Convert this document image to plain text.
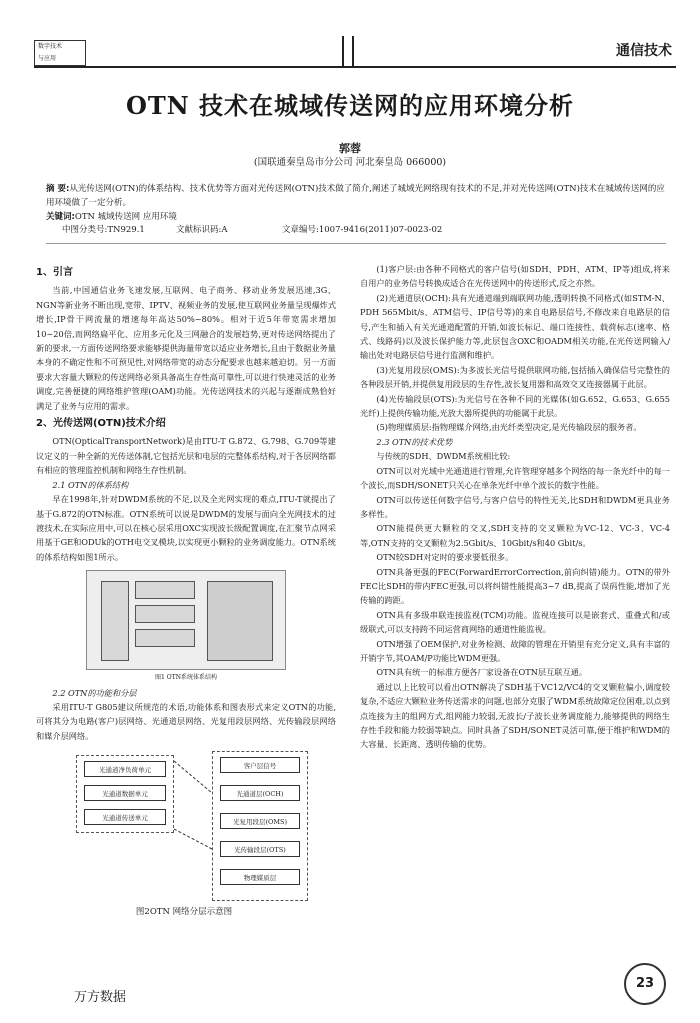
数字技术
与应用	通信技术
OTN 技术在城域传送网的应用环境分析
郭蓉
(国联通秦皇岛市分公司 河北秦皇岛 066000)
摘 要:从光传送网(OTN)的体系结构、技术优势等方面对光传送网(OTN)技术做了简介,阐述了城域光网络现有技术的不足,并对光传送网(OTN)技术在城域传送网的应用环境做了一定分析。
关键词:OTN 城域传送网 应用环境
中图分类号:TN929.1	文献标识码:A	文章编号:1007-9416(2011)07-0023-02
1、引言

当前,中国通信业务飞速发展,互联网、电子商务、移动业务发展迅速,3G、NGN等新业务不断出现,宽带、IPTV、视频业务的发展,使互联网业务量呈现爆炸式增长,IP骨干网流量的增速每年高达50%~80%。相对于近5年带宽需求增加10~20倍,而网络扁平化、应用多元化及三网融合的发展趋势,更对传送网络提出了新的要求,一方面传送网络要求能够提供海量带宽以适应业务增长,且由于数据业务量本身的不确定性和不可预见性,对网络带宽的动态分配要求也越来越迫切。另一方面要求大容量大颗粒的传送网络必须具备高生存性高可靠性,可以进行快速灵活的业务调度,完善便捷的网络维护管理(OAM)功能。光传送网技术的兴起与逐渐成熟恰好满足了业务与应用的需求。

2、光传送网(OTN)技术介绍

OTN(OpticalTransportNetwork)是由ITU-T G.872、G.798、G.709等建议定义的一种全新的光传送体制,它包括光层和电层的完整体系结构,对于各层网络都有相应的管理监控机制和网络生存性机制。

2.1 OTN的体系结构

早在1998年,针对DWDM系统的不足,以及全光网实现的难点,ITU-T就提出了基于G.872的OTN标准。OTN系统可以说是DWDM的发展与面向全光网技术的过渡技术,在实际应用中,可以在核心层采用OXC实现波长级配置调度,在汇聚节点网采用基于GE和ODUk的OTH电交叉模块,以实现更小颗粒的业务调度能力。OTN系统的体系结构如图1所示。

图1 OTN系统体系结构

2.2 OTN的功能和分层

采用ITU-T G805建议所规范的术语,功能体系和图表形式来定义OTN的功能,可将其分为电路(客户)层网络、光通道层网络、光复用段层网络、光传输段层网络和媒介层网络。

光通道净负荷单元
光通道数据单元
光通道传送单元
客户层信号
光通道层(OCH)
光复用段层(OMS)
光传输段层(OTS)
物理媒质层
图2OTN 网络分层示意图

(1)客户层:由各种不同格式的客户信号(如SDH、PDH、ATM、IP等)组成,将来自用户的业务信号转换成适合在光传送网中的传送形式,反之亦然。

(2)光通道层(OCH):具有光通道端到端联网功能,透明转换不同格式(如STM-N、PDH 565Mbit/s、ATM信号、IP信号等)的来自电路层信号,不修改来自电路层的信号,产生和插入有关光通道配置的开销,如波长标记、端口连接性、载荷标志(速率、格式、线路码)以及波长保护能力等,此层包含OXC和OADM相关功能,在光传送网输入/输出处对电路层信号进行监测和维护。

(3)光复用段层(OMS):为多波长光信号提供联网功能,包括插入确保信号完整性的各种段层开销,并提供复用段层的生存性,波长复用器和高效交叉连接器属于此层。

(4)光传输段层(OTS):为光信号在各种不同的光媒体(如G.652、G.653、G.655光纤)上提供传输功能,光放大器所提供的功能属于此层。

(5)物理媒质层:指物理媒介网络,由光纤类型决定,是光传输段层的服务者。

2.3 OTN的技术优势

与传统的SDH、DWDM系统相比较:

OTN可以对光域中光通道进行管理,允许管理穿越多个网络的每一条光纤中的每一个波长,而SDH/SONET只关心在单条光纤中单个波长的数字性能。

OTN可以传送任何数字信号,与客户信号的特性无关,比SDH和DWDM更具业务多样性。

OTN能提供更大颗粒的交叉,SDH支持的交叉颗粒为VC-12、VC-3、VC-4等,OTN支持的交叉颗粒为2.5Gbit/s、10Gbit/s和40 Gbit/s。

OTN较SDH对定时的要求要低很多。

OTN具备更强的FEC(ForwardErrorCorrection,前向纠错)能力。OTN的带外FEC比SDH的带内FEC更强,可以将纠错性能提高3~7 dB,提高了误码性能,增加了光传输的跨距。

OTN具有多级串联连接监视(TCM)功能。监视连接可以是嵌套式、重叠式和/或级联式,可以支持跨不同运营商网络的通道性能监视。

OTN增强了OEM保护,对业务检测、故障的管理在开销里有充分定义,具有丰富的开销字节,其OAM/P功能比WDM更强。

OTN具有统一的标准方便各厂家设备在OTN层互联互通。

通过以上比较可以看出OTN解决了SDH基于VC12/VC4的交叉颗粒偏小,调度较复杂,不适应大颗粒业务传送需求的问题,也部分克服了WDM系统故障定位困难,以点到点连接为主的组网方式,组网能力较弱,无波长/子波长业务调度能力,能够提供的网络生存性手段和能力较弱等缺点。同时具备了SDH/SONET灵活可靠,便于维护和WDM的大容量、长距离、透明传输的优势。

23
万方数据
